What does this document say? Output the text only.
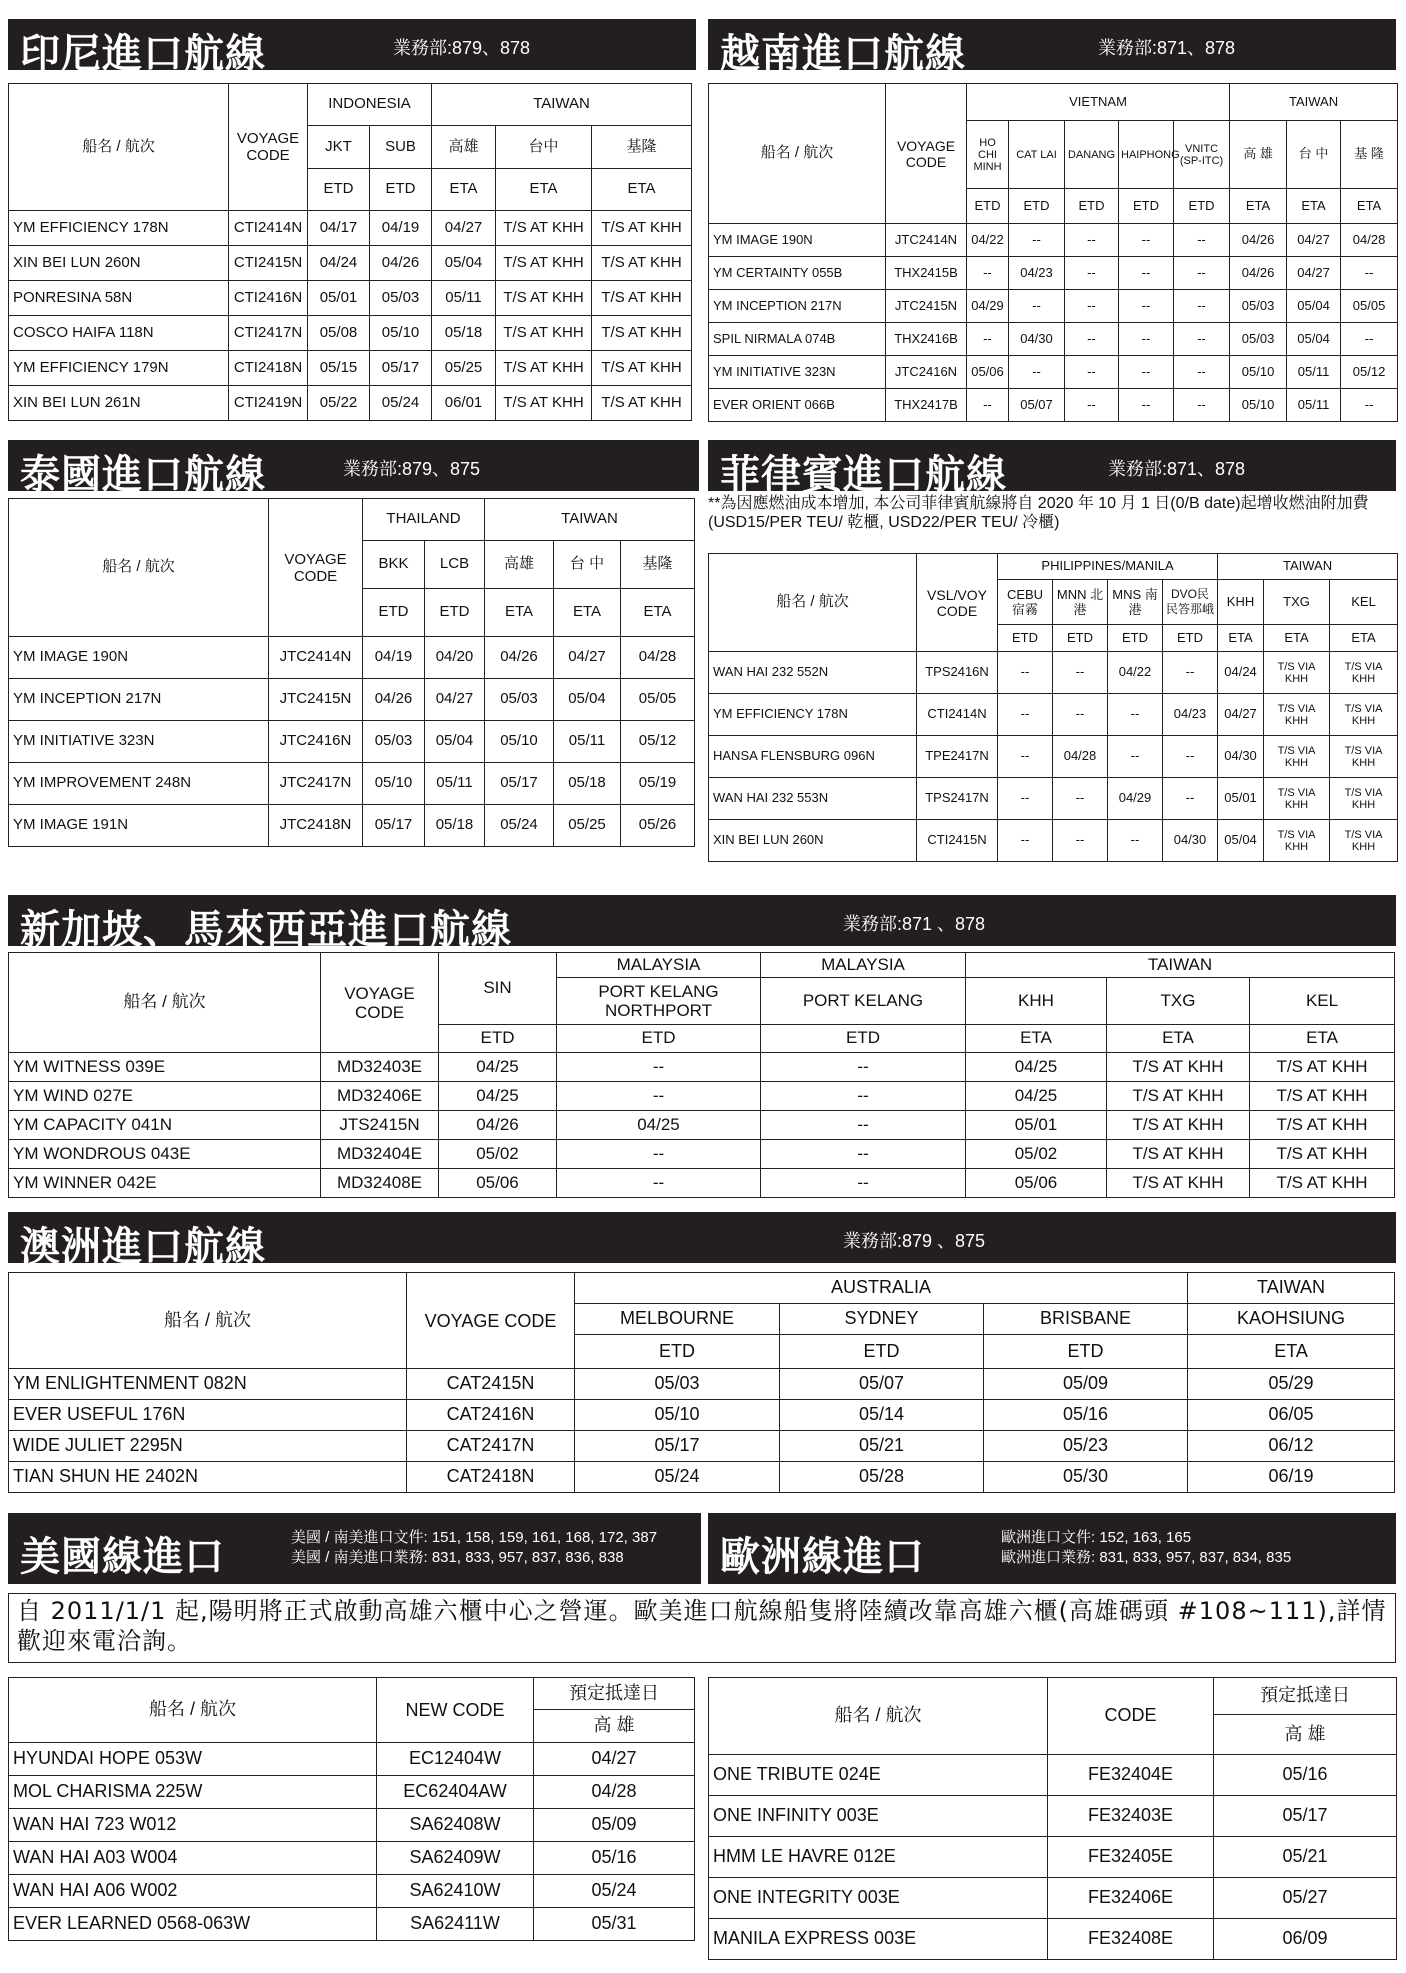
印尼進口航線	業務部:879、878
船名 / 航次	VOYAGE CODE	INDONESIA		TAIWAN		
		JKT	SUB	高雄	台中	基隆
		ETD	ETD	ETA	ETA	ETA
YM EFFICIENCY 178N	CTI2414N	04/17	04/19	04/27	T/S AT KHH	T/S AT KHH
XIN BEI LUN 260N	CTI2415N	04/24	04/26	05/04	T/S AT KHH	T/S AT KHH
PONRESINA 58N	CTI2416N	05/01	05/03	05/11	T/S AT KHH	T/S AT KHH
COSCO HAIFA 118N	CTI2417N	05/08	05/10	05/18	T/S AT KHH	T/S AT KHH
YM EFFICIENCY 179N	CTI2418N	05/15	05/17	05/25	T/S AT KHH	T/S AT KHH
XIN BEI LUN 261N	CTI2419N	05/22	05/24	06/01	T/S AT KHH	T/S AT KHH
越南進口航線	業務部:871、878
船名 / 航次	VOYAGE CODE	VIETNAM					TAIWAN		
		HO CHI MINH	CAT LAI	DANANG	HAIPHONG	VNITC (SP-ITC)	高 雄	台 中	基 隆
		ETD	ETD	ETD	ETD	ETD	ETA	ETA	ETA
YM IMAGE 190N	JTC2414N	04/22	--	--	--	--	04/26	04/27	04/28
YM CERTAINTY 055B	THX2415B	--	04/23	--	--	--	04/26	04/27	--
YM INCEPTION 217N	JTC2415N	04/29	--	--	--	--	05/03	05/04	05/05
SPIL NIRMALA 074B	THX2416B	--	04/30	--	--	--	05/03	05/04	--
YM INITIATIVE 323N	JTC2416N	05/06	--	--	--	--	05/10	05/11	05/12
EVER ORIENT 066B	THX2417B	--	05/07	--	--	--	05/10	05/11	--
泰國進口航線	業務部:879、875
船名 / 航次	VOYAGE CODE	THAILAND		TAIWAN		
		BKK	LCB	高雄	台 中	基隆
		ETD	ETD	ETA	ETA	ETA
YM IMAGE 190N	JTC2414N	04/19	04/20	04/26	04/27	04/28
YM INCEPTION 217N	JTC2415N	04/26	04/27	05/03	05/04	05/05
YM INITIATIVE 323N	JTC2416N	05/03	05/04	05/10	05/11	05/12
YM IMPROVEMENT 248N	JTC2417N	05/10	05/11	05/17	05/18	05/19
YM IMAGE 191N	JTC2418N	05/17	05/18	05/24	05/25	05/26
菲律賓進口航線	業務部:871、878
**為因應燃油成本增加, 本公司菲律賓航線將自 2020 年 10 月 1 日(0/B date)起增收燃油附加費(USD15/PER TEU/ 乾櫃, USD22/PER TEU/ 冷櫃)
船名 / 航次	VSL/VOY CODE	PHILIPPINES/MANILA				TAIWAN		
		CEBU 宿霧	MNN 北港	MNS 南港	DVO民 民答那峨	KHH	TXG	KEL
		ETD	ETD	ETD	ETD	ETA	ETA	ETA
WAN HAI 232 552N	TPS2416N	--	--	04/22	--	04/24	T/S VIA KHH	T/S VIA KHH
YM EFFICIENCY 178N	CTI2414N	--	--	--	04/23	04/27	T/S VIA KHH	T/S VIA KHH
HANSA FLENSBURG 096N	TPE2417N	--	04/28	--	--	04/30	T/S VIA KHH	T/S VIA KHH
WAN HAI 232 553N	TPS2417N	--	--	04/29	--	05/01	T/S VIA KHH	T/S VIA KHH
XIN BEI LUN 260N	CTI2415N	--	--	--	04/30	05/04	T/S VIA KHH	T/S VIA KHH
新加坡、馬來西亞進口航線	業務部:871 、878
船名 / 航次	VOYAGE CODE	SIN	MALAYSIA	MALAYSIA	TAIWAN		
			PORT KELANG NORTHPORT	PORT KELANG	KHH	TXG	KEL
		ETD	ETD	ETD	ETA	ETA	ETA
YM WITNESS 039E	MD32403E	04/25	--	--	04/25	T/S AT KHH	T/S AT KHH
YM WIND 027E	MD32406E	04/25	--	--	04/25	T/S AT KHH	T/S AT KHH
YM CAPACITY 041N	JTS2415N	04/26	04/25	--	05/01	T/S AT KHH	T/S AT KHH
YM WONDROUS 043E	MD32404E	05/02	--	--	05/02	T/S AT KHH	T/S AT KHH
YM WINNER 042E	MD32408E	05/06	--	--	05/06	T/S AT KHH	T/S AT KHH
澳洲進口航線	業務部:879 、875
船名 / 航次	VOYAGE CODE	AUSTRALIA			TAIWAN
		MELBOURNE	SYDNEY	BRISBANE	KAOHSIUNG
		ETD	ETD	ETD	ETA
YM ENLIGHTENMENT 082N	CAT2415N	05/03	05/07	05/09	05/29
EVER USEFUL 176N	CAT2416N	05/10	05/14	05/16	06/05
WIDE JULIET 2295N	CAT2417N	05/17	05/21	05/23	06/12
TIAN SHUN HE 2402N	CAT2418N	05/24	05/28	05/30	06/19
美國線進口	美國 / 南美進口文件: 151, 158, 159, 161, 168, 172, 387
美國 / 南美進口業務: 831, 833, 957, 837, 836, 838 歐洲線進口	歐洲進口文件: 152, 163, 165
歐洲進口業務: 831, 833, 957, 837, 834, 835
自 2011/1/1 起,陽明將正式啟動高雄六櫃中心之營運。歐美進口航線船隻將陸續改靠高雄六櫃(高雄碼頭 #108~111),詳情歡迎來電洽詢。
船名 / 航次	NEW CODE	預定抵達日
		高 雄
HYUNDAI HOPE 053W	EC12404W	04/27
MOL CHARISMA 225W	EC62404AW	04/28
WAN HAI 723 W012	SA62408W	05/09
WAN HAI A03 W004	SA62409W	05/16
WAN HAI A06 W002	SA62410W	05/24
EVER LEARNED 0568-063W	SA62411W	05/31
船名 / 航次	CODE	預定抵達日
		高 雄
ONE TRIBUTE 024E	FE32404E	05/16
ONE INFINITY 003E	FE32403E	05/17
HMM LE HAVRE 012E	FE32405E	05/21
ONE INTEGRITY 003E	FE32406E	05/27
MANILA EXPRESS 003E	FE32408E	06/09
